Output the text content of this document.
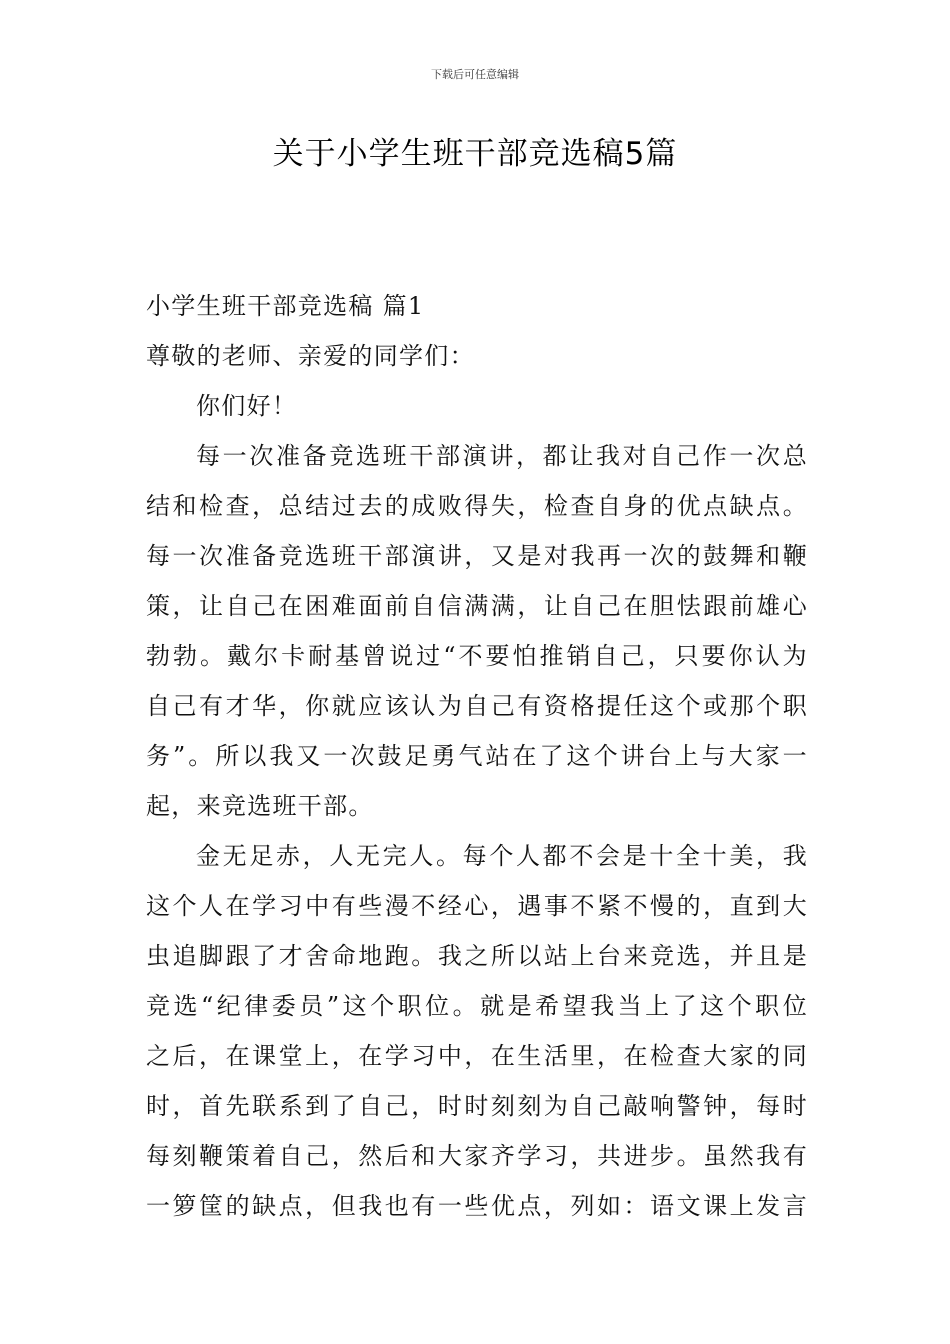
下载后可任意编辑
关于小学生班干部竞选稿5篇

小学生班干部竞选稿 篇1

尊敬的老师、亲爱的同学们：

你们好！

每一次准备竞选班干部演讲，都让我对自己作一次总

结和检查，总结过去的成败得失，检查自身的优点缺点。

每一次准备竞选班干部演讲，又是对我再一次的鼓舞和鞭

策，让自己在困难面前自信满满，让自己在胆怯跟前雄心

勃勃。戴尔卡耐基曾说过“不要怕推销自己，只要你认为

自己有才华，你就应该认为自己有资格提任这个或那个职

务”。所以我又一次鼓足勇气站在了这个讲台上与大家一

起，来竞选班干部。

金无足赤，人无完人。每个人都不会是十全十美，我

这个人在学习中有些漫不经心，遇事不紧不慢的，直到大

虫追脚跟了才舍命地跑。我之所以站上台来竞选，并且是

竞选“纪律委员”这个职位。就是希望我当上了这个职位

之后，在课堂上，在学习中，在生活里，在检查大家的同

时，首先联系到了自己，时时刻刻为自己敲响警钟，每时

每刻鞭策着自己，然后和大家齐学习，共进步。虽然我有

一箩筐的缺点，但我也有一些优点，列如：语文课上发言
